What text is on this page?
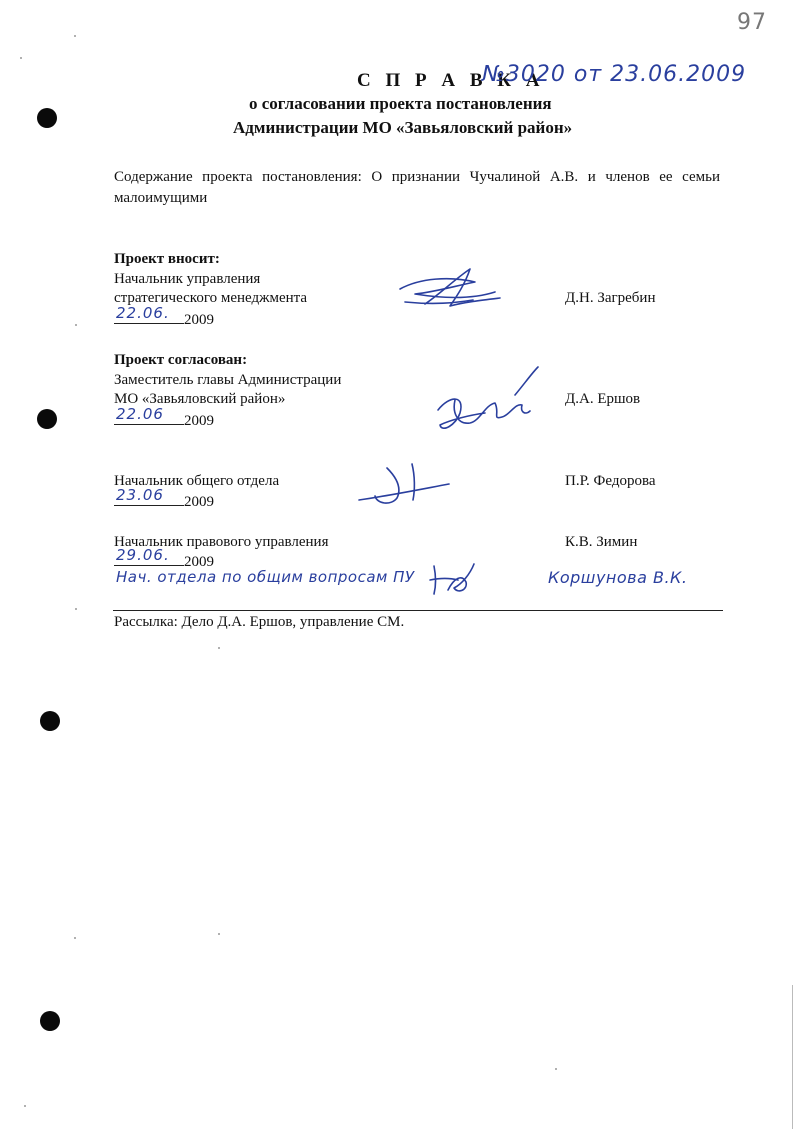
97
С П Р А В К А
№3020 от 23.06.2009
о согласовании проекта постановления
Администрации МО «Завьяловский район»
Содержание проекта постановления: О признании Чучалиной А.В. и членов ее семьи
малоимущими
Проект вносит:
Начальник управления
стратегического менеджмента
2009
22.06.
Д.Н. Загребин
Проект согласован:
Заместитель главы Администрации
МО «Завьяловский район»
2009
22.06
Д.А. Ершов
Начальник общего отдела
2009
23.06
П.Р. Федорова
Начальник правового управления
2009
29.06.
К.В. Зимин
Нач. отдела по общим вопросам ПУ	Коршунова В.К.
Рассылка: Дело Д.А. Ершов, управление СМ.
